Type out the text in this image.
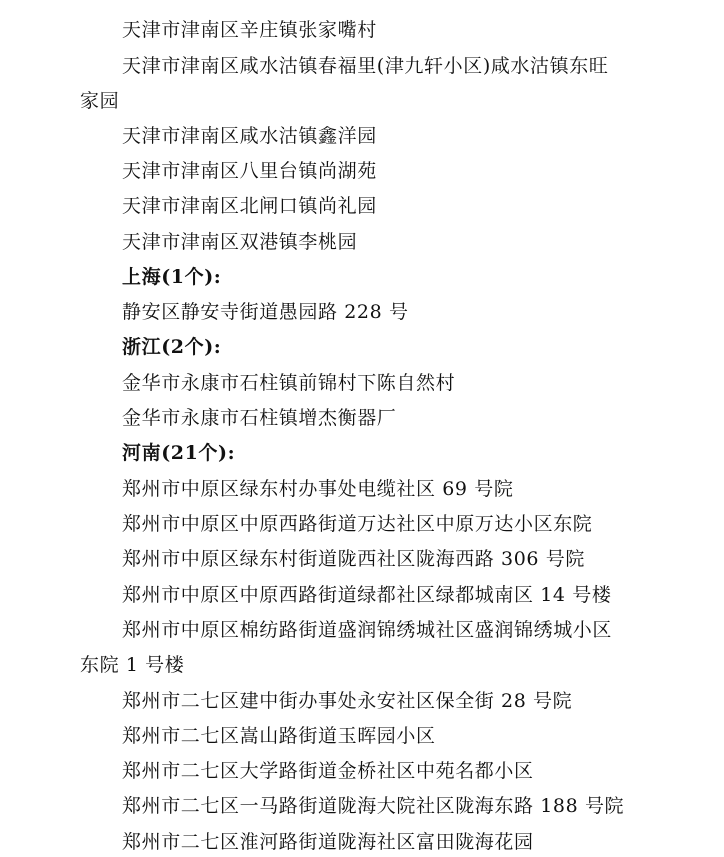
天津市津南区辛庄镇张家嘴村
天津市津南区咸水沽镇春福里(津九轩小区)咸水沽镇东旺
家园
天津市津南区咸水沽镇鑫洋园
天津市津南区八里台镇尚湖苑
天津市津南区北闸口镇尚礼园
天津市津南区双港镇李桃园
上海(1个):
静安区静安寺街道愚园路 228 号
浙江(2个):
金华市永康市石柱镇前锦村下陈自然村
金华市永康市石柱镇增杰衡器厂
河南(21个):
郑州市中原区绿东村办事处电缆社区 69 号院
郑州市中原区中原西路街道万达社区中原万达小区东院
郑州市中原区绿东村街道陇西社区陇海西路 306 号院
郑州市中原区中原西路街道绿都社区绿都城南区 14 号楼
郑州市中原区棉纺路街道盛润锦绣城社区盛润锦绣城小区
东院 1 号楼
郑州市二七区建中街办事处永安社区保全街 28 号院
郑州市二七区嵩山路街道玉晖园小区
郑州市二七区大学路街道金桥社区中苑名都小区
郑州市二七区一马路街道陇海大院社区陇海东路 188 号院
郑州市二七区淮河路街道陇海社区富田陇海花园
